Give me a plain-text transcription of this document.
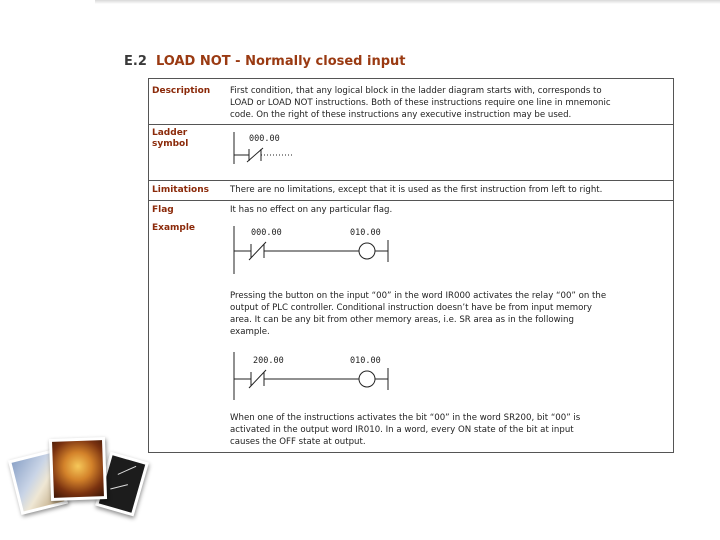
E.2 LOAD NOT - Normally closed input
Description First condition, that any logical block in the ladder diagram starts with, corresponds to
LOAD or LOAD NOT instructions. Both of these instructions require one line in mnemonic
code. On the right of these instructions any executive instruction may be used.
Ladder
symbol	000.00
Limitations There are no limitations, except that it is used as the first instruction from left to right.
Flag	It has no effect on any particular flag.
Example	000.00	010.00
Pressing the button on the input “00” in the word IR000 activates the relay “00” on the
output of PLC controller. Conditional instruction doesn’t have be from input memory
area. It can be any bit from other memory areas, i.e. SR area as in the following
example.
200.00	010.00
When one of the instructions activates the bit “00” in the word SR200, bit “00” is
activated in the output word IR010. In a word, every ON state of the bit at input
causes the OFF state at output.
